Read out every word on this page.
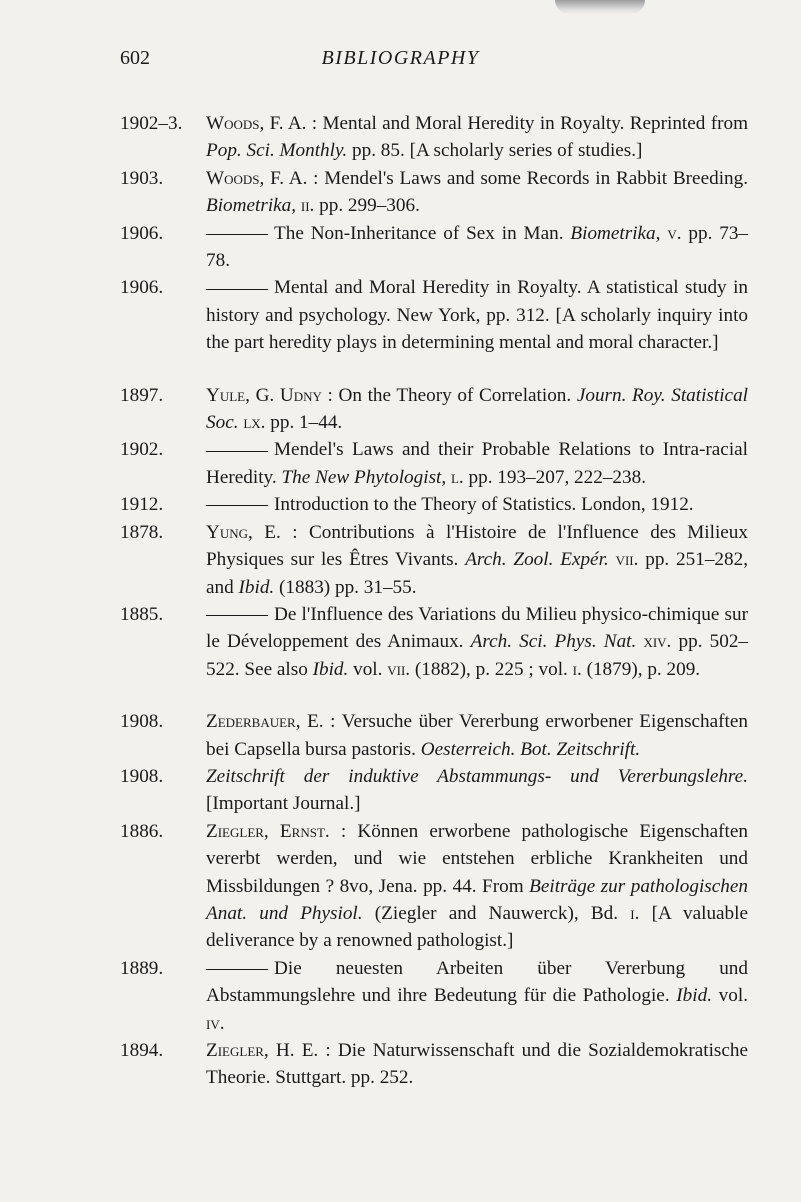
602	BIBLIOGRAPHY
1902–3. Woods, F. A. : Mental and Moral Heredity in Royalty. Reprinted from Pop. Sci. Monthly. pp. 85. [A scholarly series of studies.]
1903. Woods, F. A. : Mendel's Laws and some Records in Rabbit Breeding. Biometrika, ii. pp. 299–306.
1906.	The Non-Inheritance of Sex in Man. Biometrika, v. pp. 73–78.
1906.	Mental and Moral Heredity in Royalty. A statistical study in history and psychology. New York, pp. 312. [A scholarly inquiry into the part heredity plays in determining mental and moral character.]
1897. Yule, G. Udny : On the Theory of Correlation. Journ. Roy. Statistical Soc. lx. pp. 1–44.
1902.	Mendel's Laws and their Probable Relations to Intra-racial Heredity. The New Phytologist, l. pp. 193–207, 222–238.
1912.	Introduction to the Theory of Statistics. London, 1912.
1878. Yung, E. : Contributions à l'Histoire de l'Influence des Milieux Physiques sur les Êtres Vivants. Arch. Zool. Expér. vii. pp. 251–282, and Ibid. (1883) pp. 31–55.
1885.	De l'Influence des Variations du Milieu physico-chimique sur le Développement des Animaux. Arch. Sci. Phys. Nat. xiv. pp. 502–522. See also Ibid. vol. vii. (1882), p. 225 ; vol. i. (1879), p. 209.
1908. Zederbauer, E. : Versuche über Vererbung erworbener Eigenschaften bei Capsella bursa pastoris. Oesterreich. Bot. Zeitschrift.
1908. Zeitschrift der induktive Abstammungs- und Vererbungslehre. [Important Journal.]
1886. Ziegler, Ernst. : Können erworbene pathologische Eigenschaften vererbt werden, und wie entstehen erbliche Krankheiten und Missbildungen ? 8vo, Jena. pp. 44. From Beiträge zur pathologischen Anat. und Physiol. (Ziegler and Nauwerck), Bd. i. [A valuable deliverance by a renowned pathologist.]
1889.	Die neuesten Arbeiten über Vererbung und Abstammungslehre und ihre Bedeutung für die Pathologie. Ibid. vol. iv.
1894. Ziegler, H. E. : Die Naturwissenschaft und die Sozialdemokratische Theorie. Stuttgart. pp. 252.
